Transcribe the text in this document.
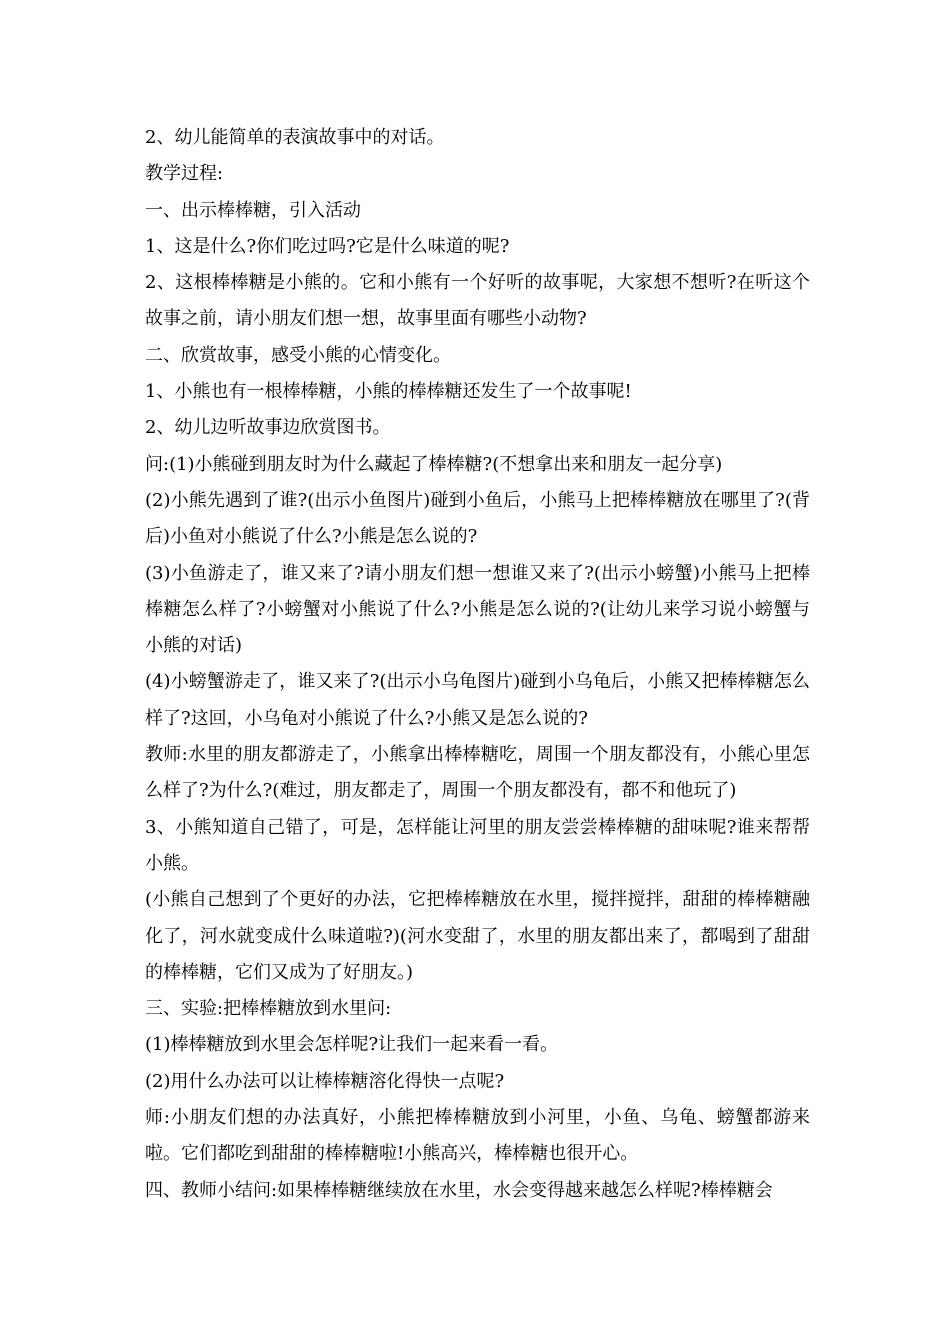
2、幼儿能简单的表演故事中的对话。

教学过程:

一、出示棒棒糖，引入活动

1、这是什么?你们吃过吗?它是什么味道的呢?

2、这根棒棒糖是小熊的。它和小熊有一个好听的故事呢，大家想不想听?在听这个故事之前，请小朋友们想一想，故事里面有哪些小动物?

二、欣赏故事，感受小熊的心情变化。

1、小熊也有一根棒棒糖，小熊的棒棒糖还发生了一个故事呢!

2、幼儿边听故事边欣赏图书。

问:(1)小熊碰到朋友时为什么藏起了棒棒糖?(不想拿出来和朋友一起分享)

(2)小熊先遇到了谁?(出示小鱼图片)碰到小鱼后，小熊马上把棒棒糖放在哪里了?(背后)小鱼对小熊说了什么?小熊是怎么说的?

(3)小鱼游走了，谁又来了?请小朋友们想一想谁又来了?(出示小螃蟹)小熊马上把棒棒糖怎么样了?小螃蟹对小熊说了什么?小熊是怎么说的?(让幼儿来学习说小螃蟹与小熊的对话)

(4)小螃蟹游走了，谁又来了?(出示小乌龟图片)碰到小乌龟后，小熊又把棒棒糖怎么样了?这回，小乌龟对小熊说了什么?小熊又是怎么说的?

教师:水里的朋友都游走了，小熊拿出棒棒糖吃，周围一个朋友都没有，小熊心里怎么样了?为什么?(难过，朋友都走了，周围一个朋友都没有，都不和他玩了)

3、小熊知道自己错了，可是，怎样能让河里的朋友尝尝棒棒糖的甜味呢?谁来帮帮小熊。

(小熊自己想到了个更好的办法，它把棒棒糖放在水里，搅拌搅拌，甜甜的棒棒糖融化了，河水就变成什么味道啦?)(河水变甜了，水里的朋友都出来了，都喝到了甜甜的棒棒糖，它们又成为了好朋友。)

三、实验:把棒棒糖放到水里问:

(1)棒棒糖放到水里会怎样呢?让我们一起来看一看。

(2)用什么办法可以让棒棒糖溶化得快一点呢?

师:小朋友们想的办法真好，小熊把棒棒糖放到小河里，小鱼、乌龟、螃蟹都游来啦。它们都吃到甜甜的棒棒糖啦!小熊高兴，棒棒糖也很开心。

四、教师小结问:如果棒棒糖继续放在水里，水会变得越来越怎么样呢?棒棒糖会
